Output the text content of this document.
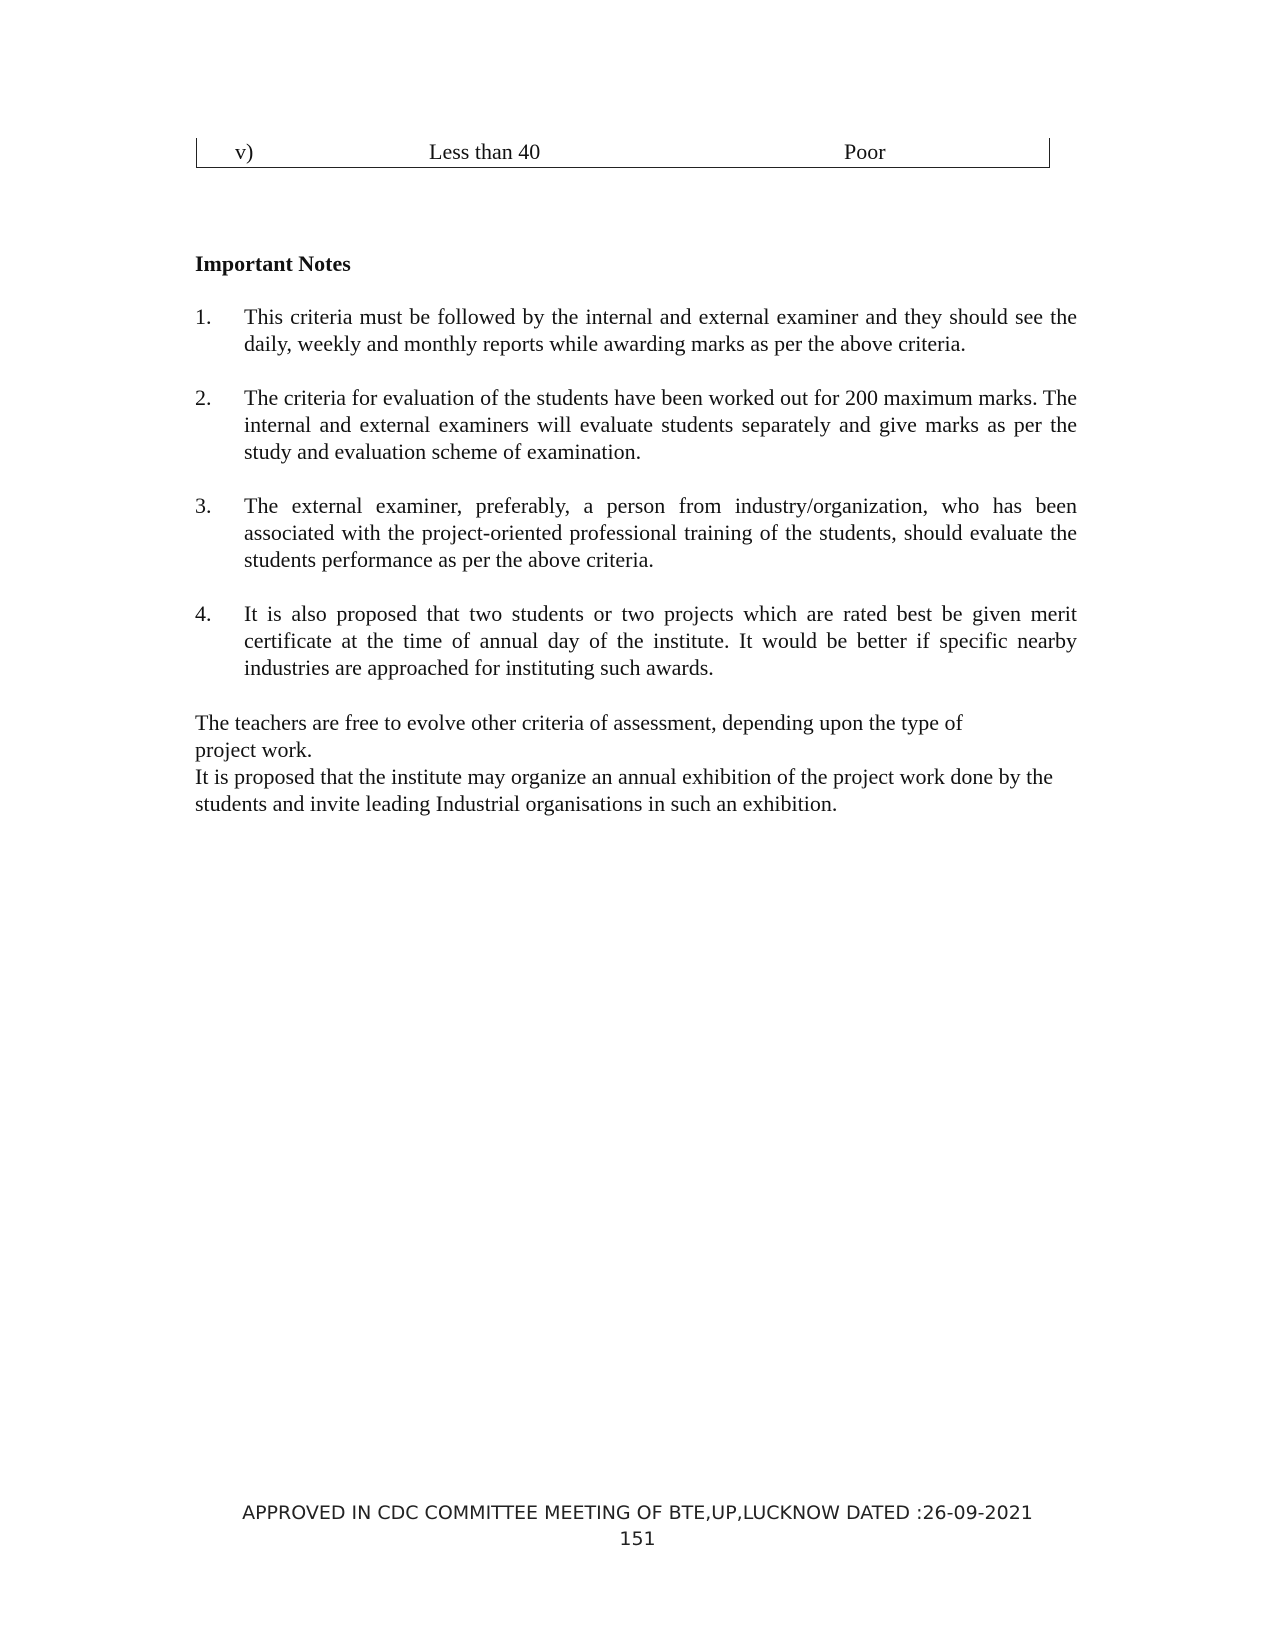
v)	Less than 40	Poor
Important Notes
1. This criteria must be followed by the internal and external examiner and they should see the daily, weekly and monthly reports while awarding marks as per the above criteria.
2. The criteria for evaluation of the students have been worked out for 200 maximum marks. The internal and external examiners will evaluate students separately and give marks as per the study and evaluation scheme of examination.
3. The external examiner, preferably, a person from industry/organization, who has been associated with the project-oriented professional training of the students, should evaluate the students performance as per the above criteria.
4. It is also proposed that two students or two projects which are rated best be given merit certificate at the time of annual day of the institute. It would be better if specific nearby industries are approached for instituting such awards.

The teachers are free to evolve other criteria of assessment, depending upon the type of project work.

It is proposed that the institute may organize an annual exhibition of the project work done by the students and invite leading Industrial organisations in such an exhibition.

APPROVED IN CDC COMMITTEE MEETING OF BTE,UP,LUCKNOW DATED :26-09-2021
151
